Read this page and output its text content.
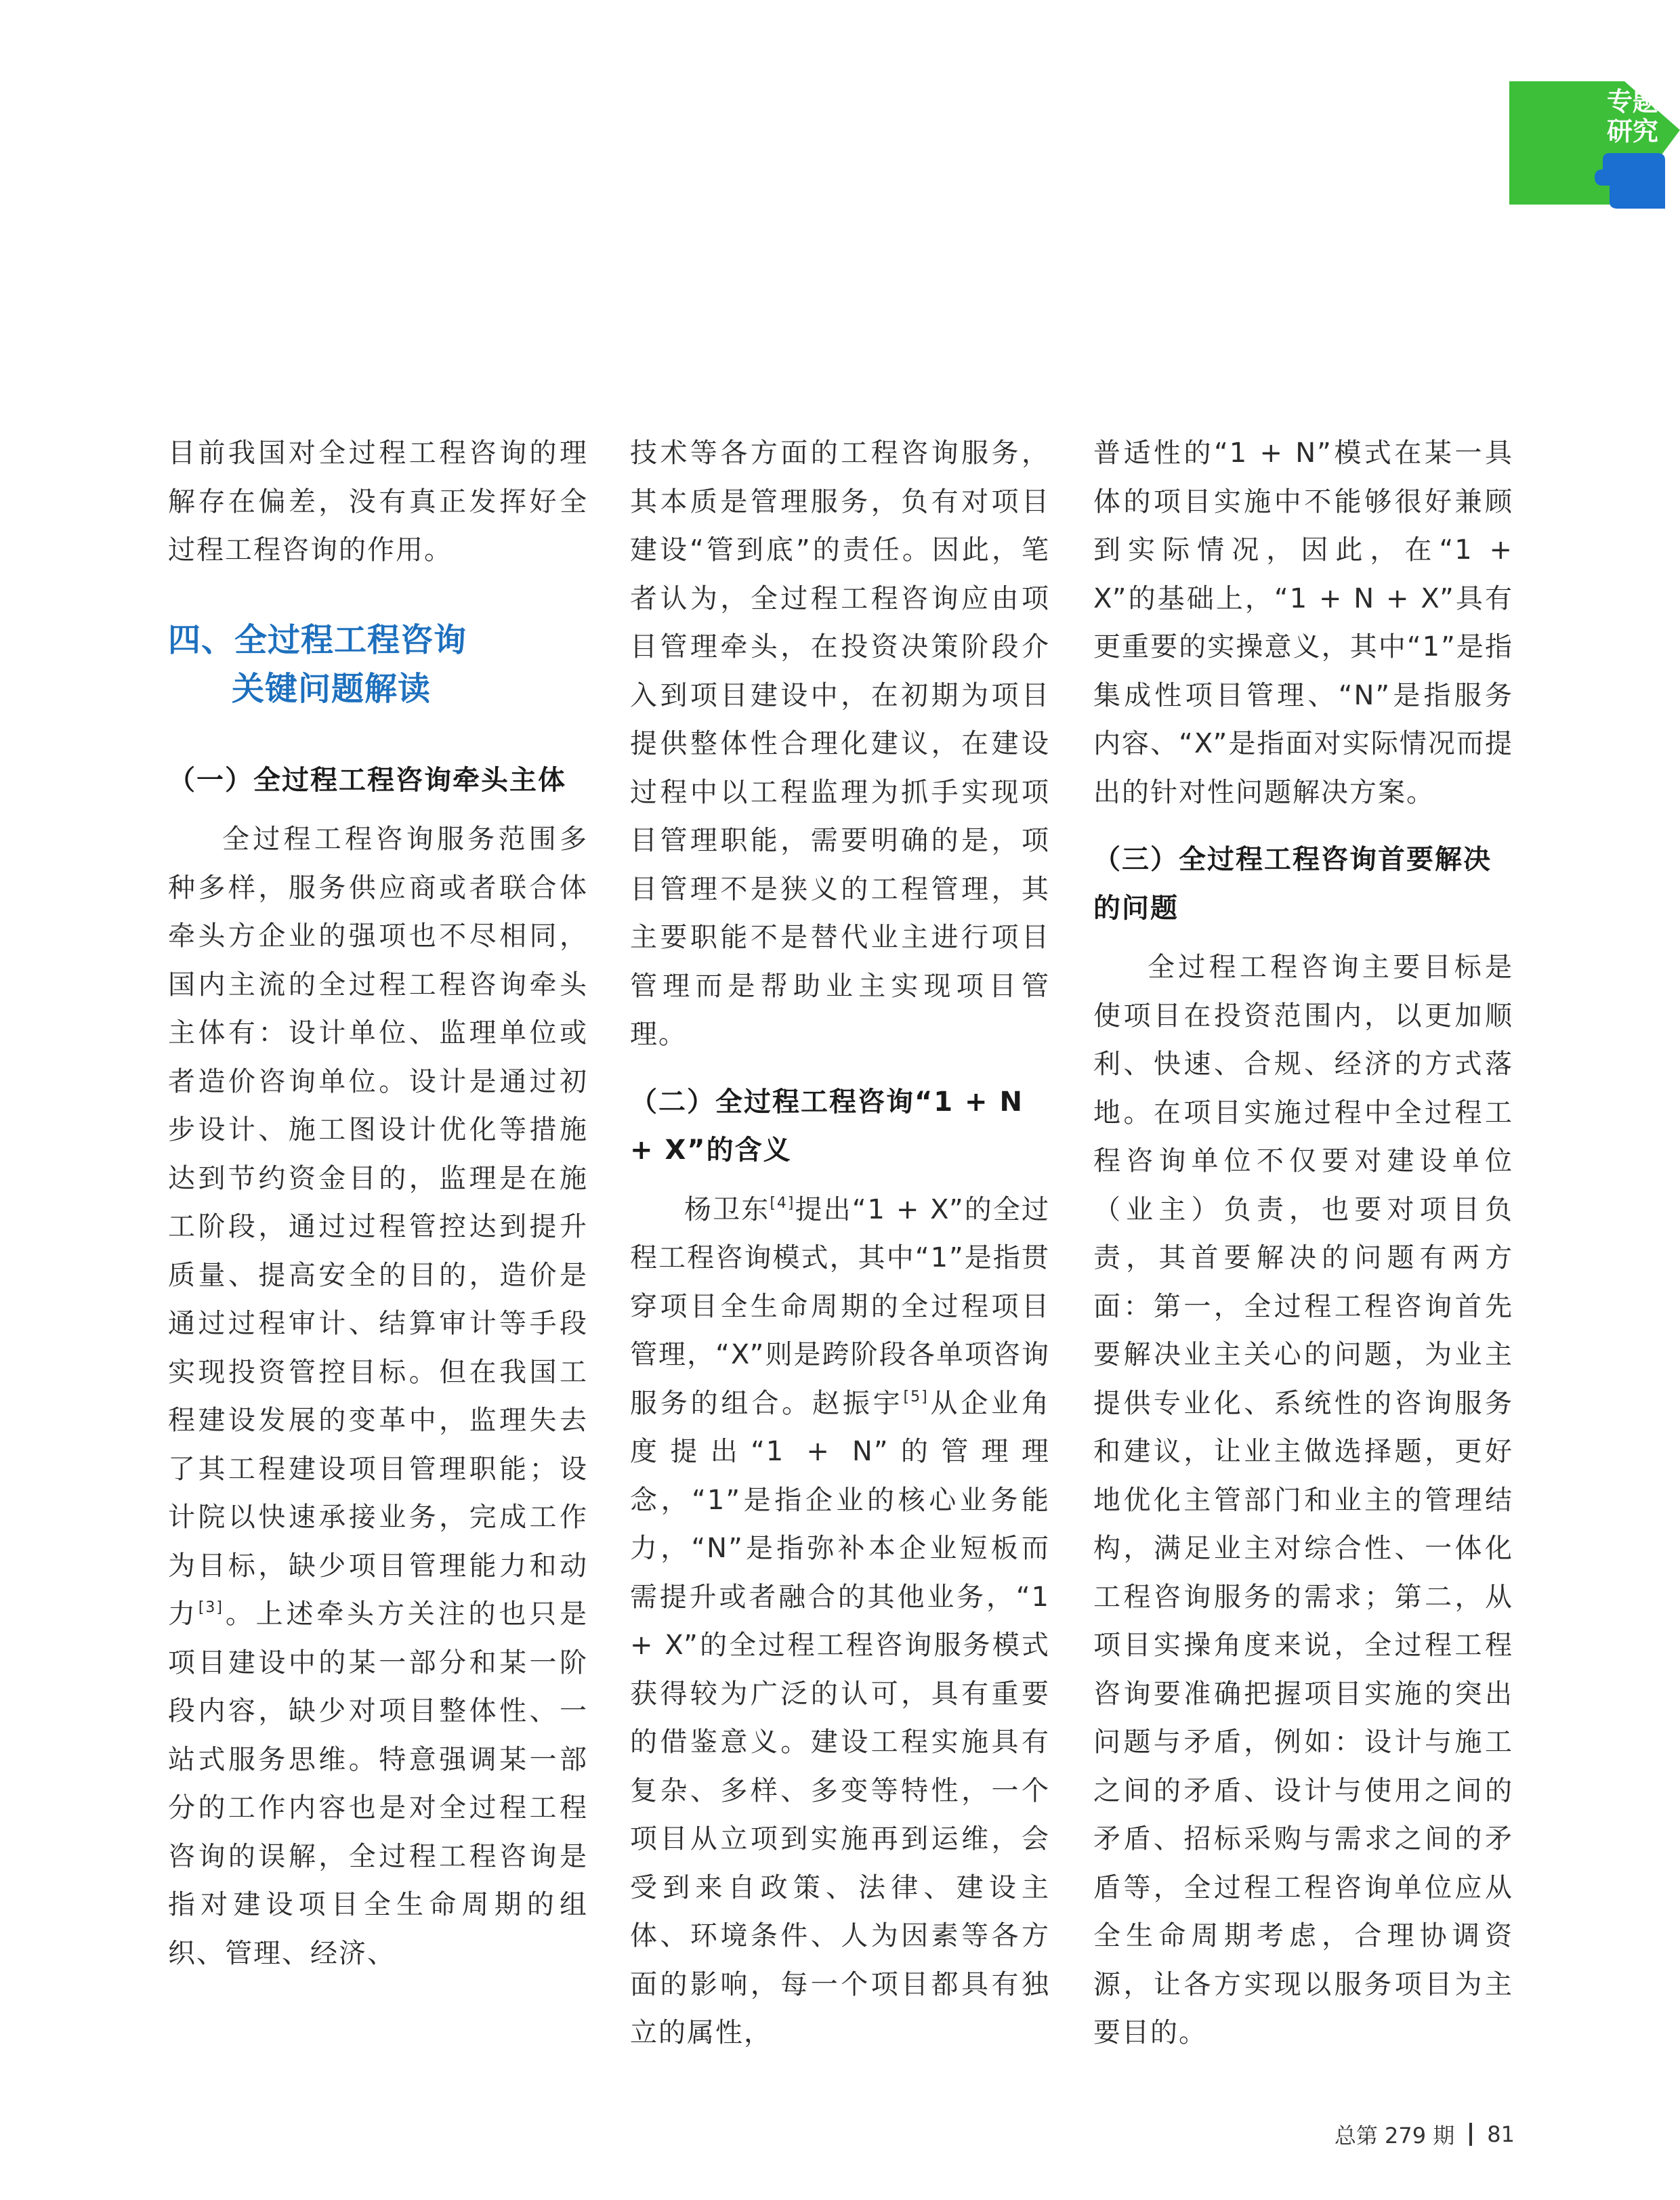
专题
研究

目前我国对全过程工程咨询的理解存在偏差，没有真正发挥好全过程工程咨询的作用。

四、全过程工程咨询
关键问题解读
（一）全过程工程咨询牵头主体

全过程工程咨询服务范围多种多样，服务供应商或者联合体牵头方企业的强项也不尽相同，国内主流的全过程工程咨询牵头主体有：设计单位、监理单位或者造价咨询单位。设计是通过初步设计、施工图设计优化等措施达到节约资金目的，监理是在施工阶段，通过过程管控达到提升质量、提高安全的目的，造价是通过过程审计、结算审计等手段实现投资管控目标。但在我国工程建设发展的变革中，监理失去了其工程建设项目管理职能；设计院以快速承接业务，完成工作为目标，缺少项目管理能力和动力[3]。上述牵头方关注的也只是项目建设中的某一部分和某一阶段内容，缺少对项目整体性、一站式服务思维。特意强调某一部分的工作内容也是对全过程工程咨询的误解，全过程工程咨询是指对建设项目全生命周期的组织、管理、经济、

技术等各方面的工程咨询服务，其本质是管理服务，负有对项目建设“管到底”的责任。因此，笔者认为，全过程工程咨询应由项目管理牵头，在投资决策阶段介入到项目建设中，在初期为项目提供整体性合理化建议，在建设过程中以工程监理为抓手实现项目管理职能，需要明确的是，项目管理不是狭义的工程管理，其主要职能不是替代业主进行项目管理而是帮助业主实现项目管理。

（二）全过程工程咨询“1 + N + X”的含义

杨卫东[4]提出“1 + X”的全过程工程咨询模式，其中“1”是指贯穿项目全生命周期的全过程项目管理，“X”则是跨阶段各单项咨询服务的组合。赵振宇[5]从企业角度提出“1 + N”的管理理念，“1”是指企业的核心业务能力，“N”是指弥补本企业短板而需提升或者融合的其他业务，“1 + X”的全过程工程咨询服务模式获得较为广泛的认可，具有重要的借鉴意义。建设工程实施具有复杂、多样、多变等特性，一个项目从立项到实施再到运维，会受到来自政策、法律、建设主体、环境条件、人为因素等各方面的影响，每一个项目都具有独立的属性，

普适性的“1 + N”模式在某一具体的项目实施中不能够很好兼顾到实际情况，因此，在“1 + X”的基础上，“1 + N + X”具有更重要的实操意义，其中“1”是指集成性项目管理、“N”是指服务内容、“X”是指面对实际情况而提出的针对性问题解决方案。

（三）全过程工程咨询首要解决的问题

全过程工程咨询主要目标是使项目在投资范围内，以更加顺利、快速、合规、经济的方式落地。在项目实施过程中全过程工程咨询单位不仅要对建设单位（业主）负责，也要对项目负责，其首要解决的问题有两方面：第一，全过程工程咨询首先要解决业主关心的问题，为业主提供专业化、系统性的咨询服务和建议，让业主做选择题，更好地优化主管部门和业主的管理结构，满足业主对综合性、一体化工程咨询服务的需求；第二，从项目实操角度来说，全过程工程咨询要准确把握项目实施的突出问题与矛盾，例如：设计与施工之间的矛盾、设计与使用之间的矛盾、招标采购与需求之间的矛盾等，全过程工程咨询单位应从全生命周期考虑，合理协调资源，让各方实现以服务项目为主要目的。

总第 279 期 81
